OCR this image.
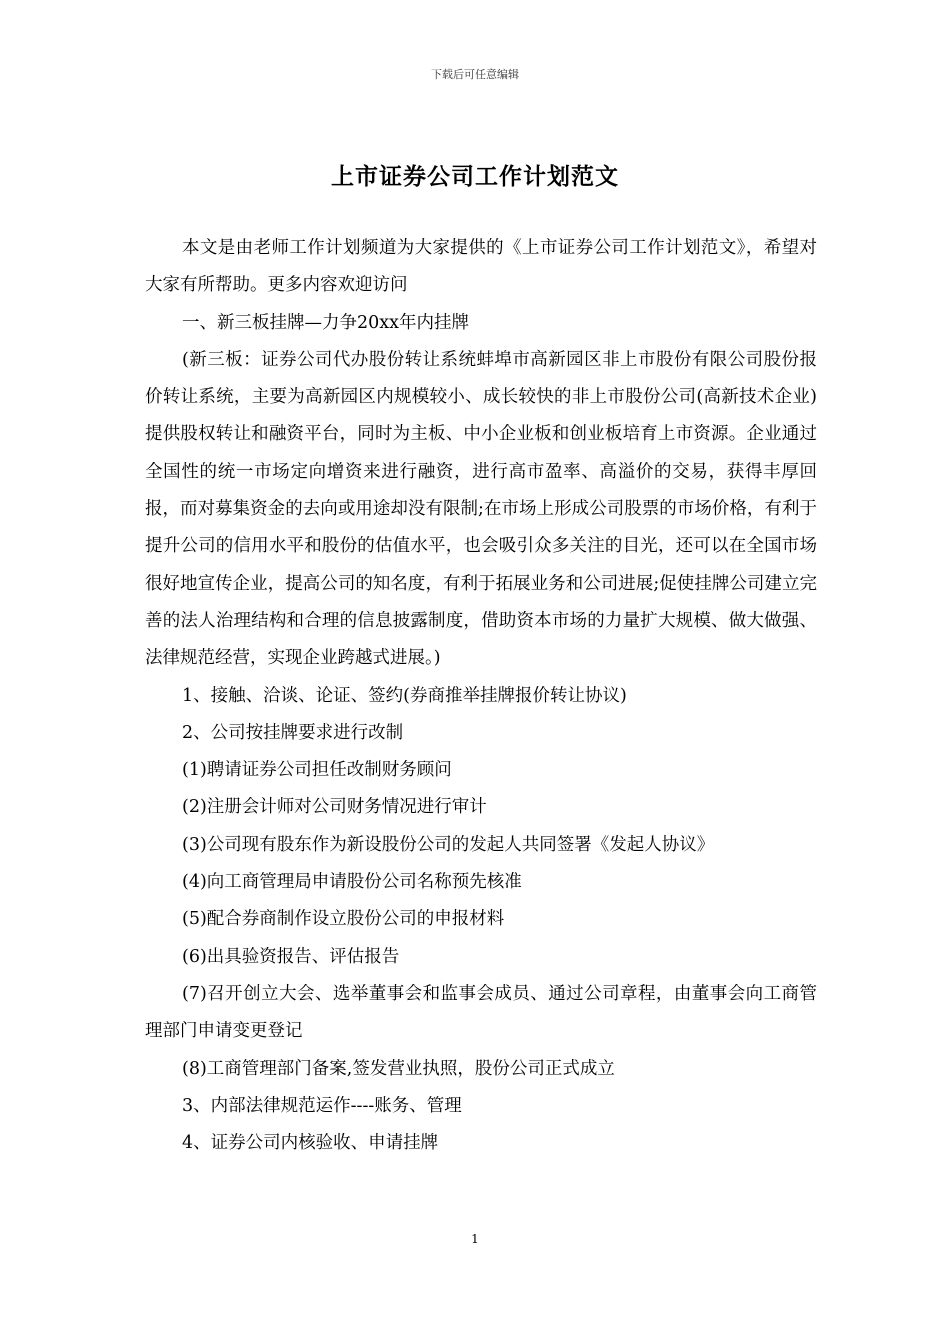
下载后可任意编辑
上市证券公司工作计划范文

本文是由老师工作计划频道为大家提供的《上市证券公司工作计划范文》，希望对大家有所帮助。更多内容欢迎访问

一、新三板挂牌—力争20xx年内挂牌

(新三板：证券公司代办股份转让系统蚌埠市高新园区非上市股份有限公司股份报价转让系统，主要为高新园区内规模较小、成长较快的非上市股份公司(高新技术企业)提供股权转让和融资平台，同时为主板、中小企业板和创业板培育上市资源。企业通过全国性的统一市场定向增资来进行融资，进行高市盈率、高溢价的交易，获得丰厚回报，而对募集资金的去向或用途却没有限制;在市场上形成公司股票的市场价格，有利于提升公司的信用水平和股份的估值水平，也会吸引众多关注的目光，还可以在全国市场很好地宣传企业，提高公司的知名度，有利于拓展业务和公司进展;促使挂牌公司建立完善的法人治理结构和合理的信息披露制度，借助资本市场的力量扩大规模、做大做强、法律规范经营，实现企业跨越式进展。)

1、接触、洽谈、论证、签约(券商推举挂牌报价转让协议)

2、公司按挂牌要求进行改制

(1)聘请证券公司担任改制财务顾问

(2)注册会计师对公司财务情况进行审计

(3)公司现有股东作为新设股份公司的发起人共同签署《发起人协议》

(4)向工商管理局申请股份公司名称预先核准

(5)配合券商制作设立股份公司的申报材料

(6)出具验资报告、评估报告

(7)召开创立大会、选举董事会和监事会成员、通过公司章程，由董事会向工商管理部门申请变更登记

(8)工商管理部门备案,签发营业执照，股份公司正式成立

3、内部法律规范运作----账务、管理

4、证券公司内核验收、申请挂牌

1
